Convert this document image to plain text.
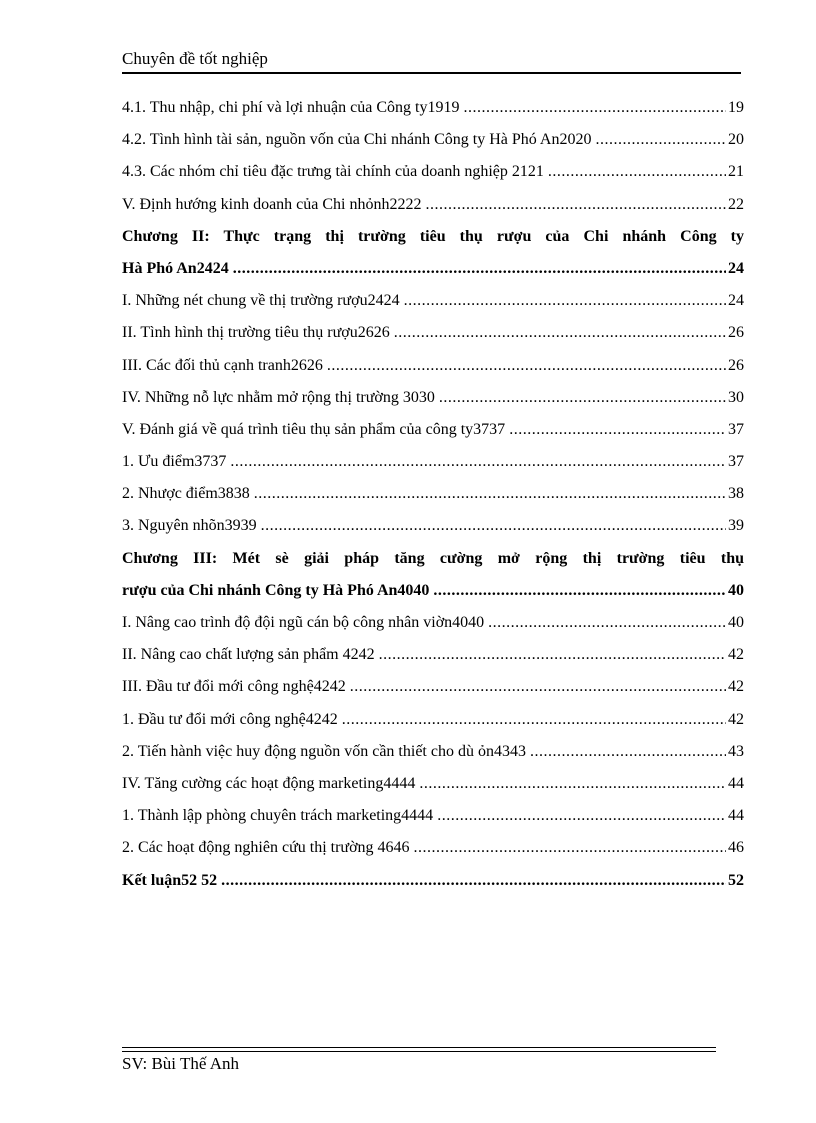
Chuyên đề tốt nghiệp
4.1. Thu nhập, chi phí và lợi nhuận của Công ty1919 .....	19
4.2. Tình hình tài sản, nguồn vốn của Chi nhánh Công ty Hà Phó An2020 .....	20
4.3. Các nhóm chỉ tiêu đặc trưng tài chính của doanh nghiệp 2121 .....	21
V. Định hướng kinh doanh của Chi nhỏnh2222 .....	22
Chương II: Thực trạng thị trường tiêu thụ rượu của Chi nhánh Công ty
Hà Phó An2424 .....	24
I. Những nét chung về thị trường rượu2424 .....	24
II. Tình hình thị trường tiêu thụ rượu2626 .....	26
III. Các đối thủ cạnh tranh2626 .....	26
IV. Những nỗ lực nhằm mở rộng thị trường 3030 .....	30
V. Đánh giá về quá trình tiêu thụ sản phẩm của công ty3737 .....	37
1. Ưu điểm3737 .....	37
2. Nhược điểm3838 .....	38
3. Nguyên nhõn3939 .....	39
Chương III: Mét sè giải pháp tăng cường mở rộng thị trường tiêu thụ
rượu của Chi nhánh Công ty Hà Phó An4040 .....	40
I. Nâng cao trình độ đội ngũ cán bộ công nhân viờn4040 .....	40
II. Nâng cao chất lượng sản phẩm 4242 .....	42
III. Đầu tư đổi mới công nghệ4242 .....	42
1. Đầu tư đổi mới công nghệ4242 .....	42
2. Tiến hành việc huy động nguồn vốn cần thiết cho dù ỏn4343 .....	43
IV. Tăng cường các hoạt động marketing4444 .....	44
1. Thành lập phòng chuyên trách marketing4444 .....	44
2. Các hoạt động nghiên cứu thị trường 4646 .....	46
Kết luận52 52 .....	52
SV: Bùi Thế Anh
